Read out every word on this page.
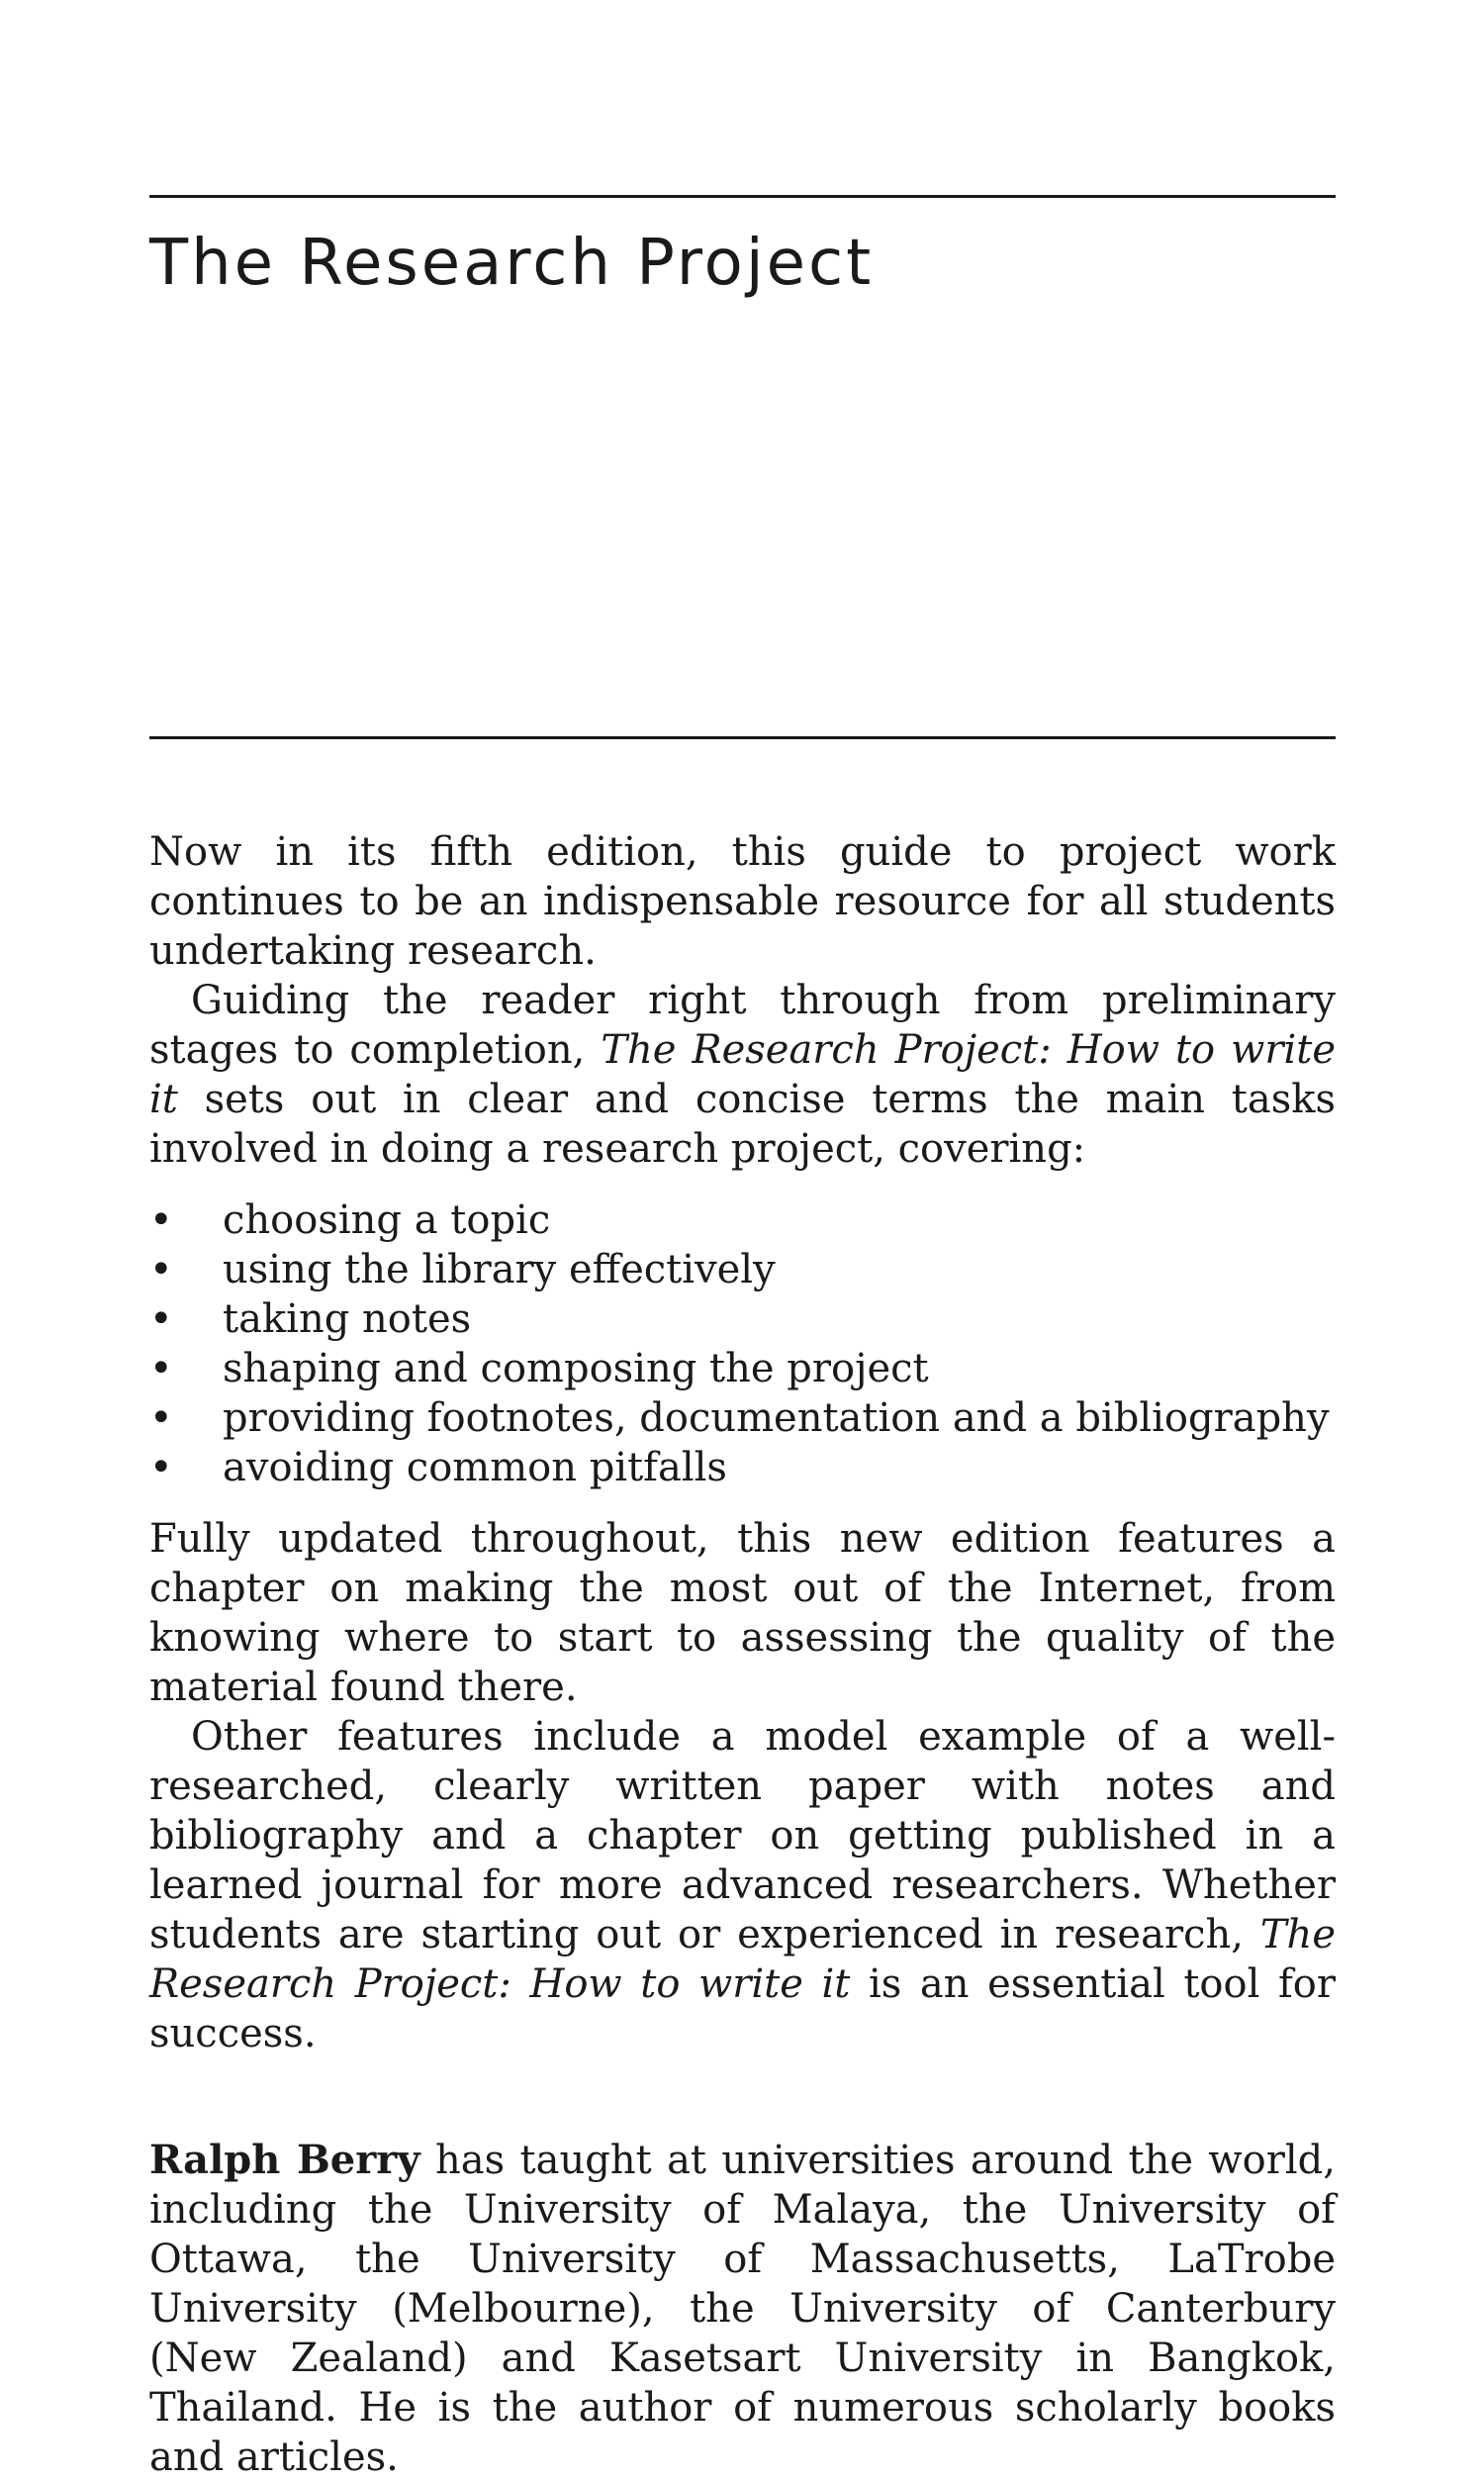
The Research Project

Now in its fifth edition, this guide to project work continues to be an indispensable resource for all students undertaking research.

Guiding the reader right through from preliminary stages to completion, The Research Project: How to write it sets out in clear and concise terms the main tasks involved in doing a research project, covering:

• choosing a topic
• using the library effectively
• taking notes
• shaping and composing the project
• providing footnotes, documentation and a bibliography
• avoiding common pitfalls

Fully updated throughout, this new edition features a chapter on making the most out of the Internet, from knowing where to start to assessing the quality of the material found there.

Other features include a model example of a well-researched, clearly written paper with notes and bibliography and a chapter on getting published in a learned journal for more advanced researchers. Whether students are starting out or experienced in research, The Research Project: How to write it is an essential tool for success.

Ralph Berry has taught at universities around the world, including the University of Malaya, the University of Ottawa, the University of Massachusetts, LaTrobe University (Melbourne), the University of Canterbury (New Zealand) and Kasetsart University in Bangkok, Thailand. He is the author of numerous scholarly books and articles.
